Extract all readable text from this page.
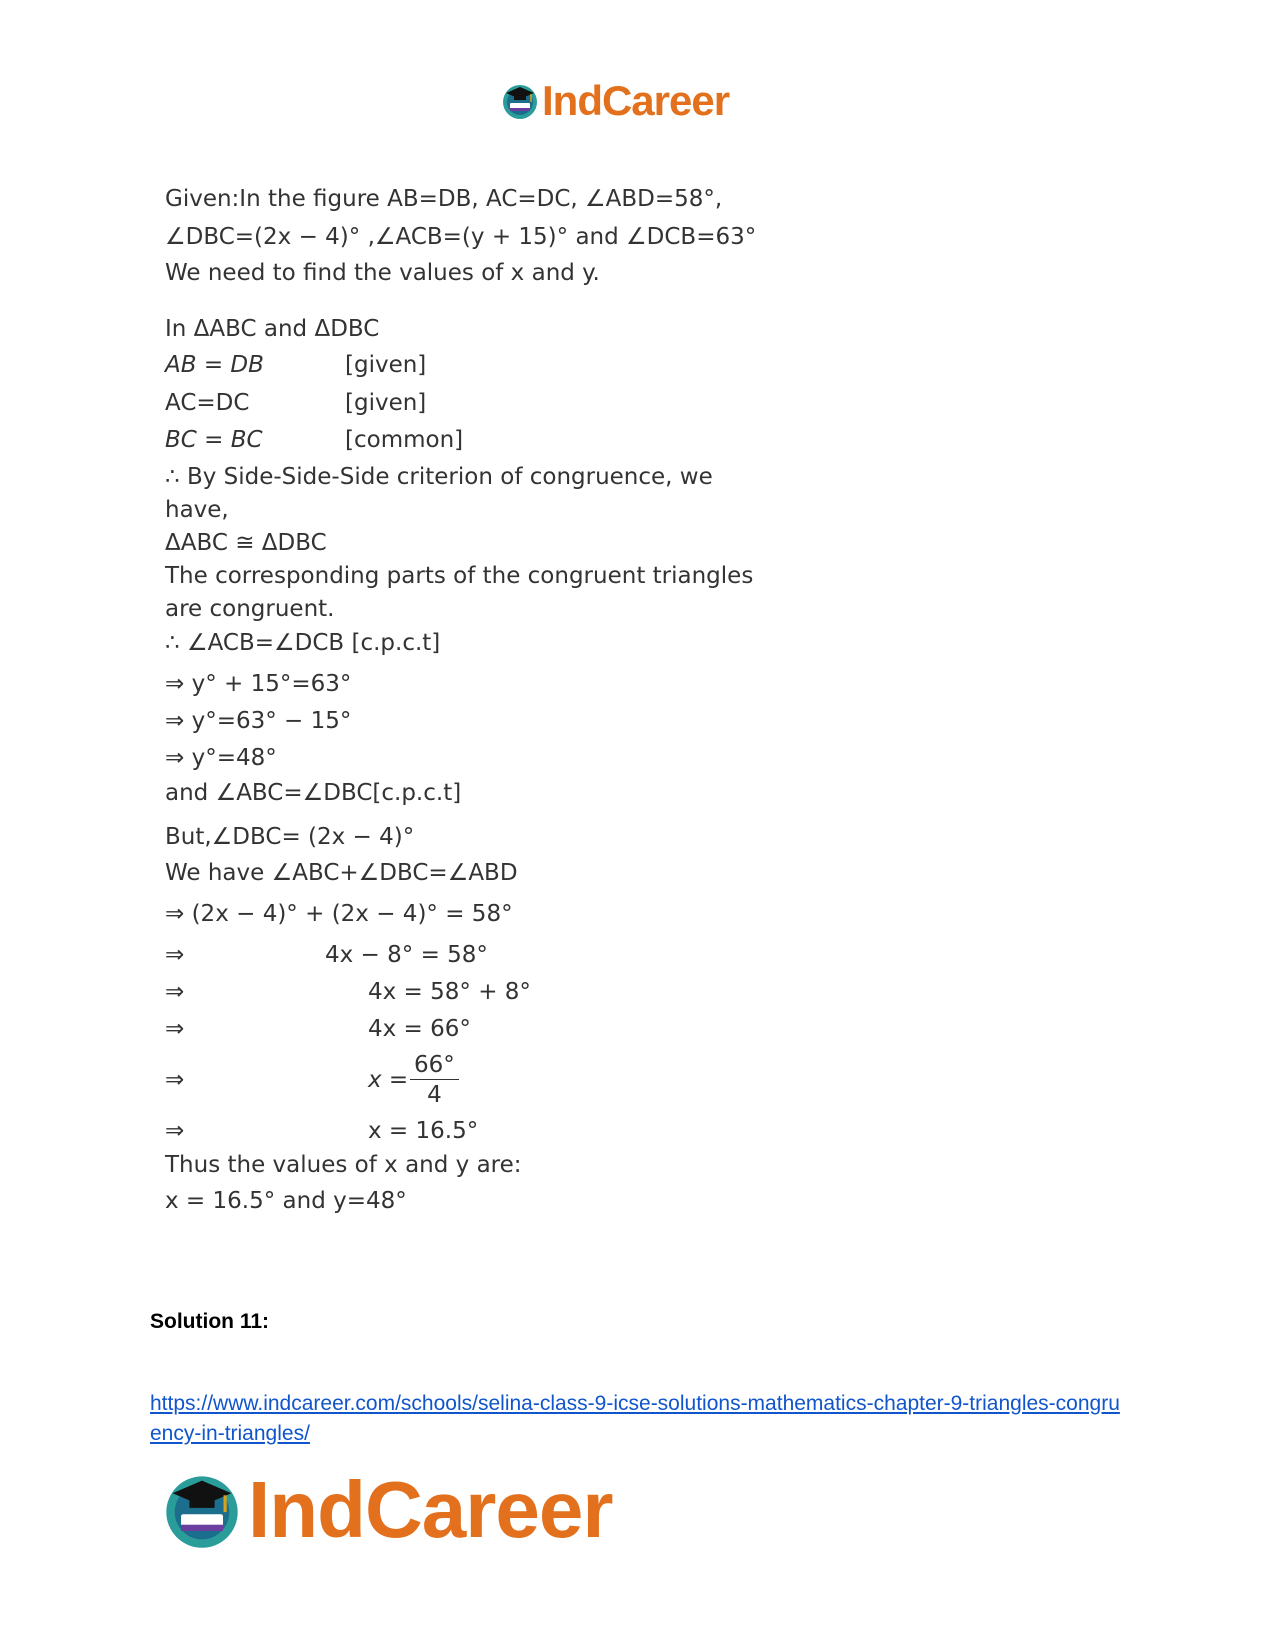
IndCareer
Given:In the figure AB=DB, AC=DC, ∠ABD=58°,
∠DBC=(2x − 4)° ,∠ACB=(y + 15)° and ∠DCB=63°
We need to find the values of x and y.
In ΔABC and ΔDBC
AB = DB	[given]
AC=DC	[given]
BC = BC	[common]
∴ By Side-Side-Side criterion of congruence, we
have,
ΔABC ≅ ΔDBC
The corresponding parts of the congruent triangles
are congruent.
∴ ∠ACB=∠DCB [c.p.c.t]
⇒ y° + 15°=63°
⇒ y°=63° − 15°
⇒ y°=48°
and ∠ABC=∠DBC[c.p.c.t]
But,∠DBC= (2x − 4)°
We have ∠ABC+∠DBC=∠ABD
⇒ (2x − 4)° + (2x − 4)° = 58°
⇒	4x − 8° = 58°
⇒	4x = 58° + 8°
⇒	4x = 66°
⇒	$x = \frac{66^\circ}{4}$
⇒	x = 16.5°
Thus the values of x and y are:
x = 16.5° and y=48°
Solution 11:
https://www.indcareer.com/schools/selina-class-9-icse-solutions-mathematics-chapter-9-triangles-congruency-in-triangles/
IndCareer
